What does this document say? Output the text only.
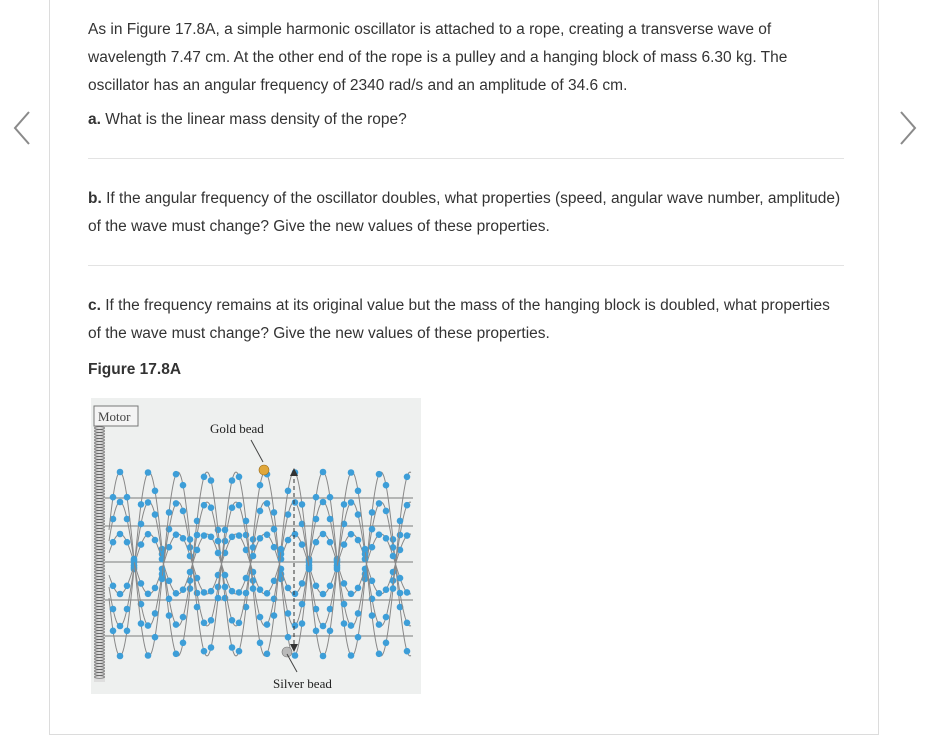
As in Figure 17.8A, a simple harmonic oscillator is attached to a rope, creating a transverse wave of wavelength 7.47 cm. At the other end of the rope is a pulley and a hanging block of mass 6.30 kg. The oscillator has an angular frequency of 2340 rad/s and an amplitude of 34.6 cm.

a. What is the linear mass density of the rope?

b. If the angular frequency of the oscillator doubles, what properties (speed, angular wave number, amplitude) of the wave must change? Give the new values of these properties.

c. If the frequency remains at its original value but the mass of the hanging block is doubled, what properties of the wave must change? Give the new values of these properties.

Figure 17.8A
Motor
Gold bead
Silver bead
